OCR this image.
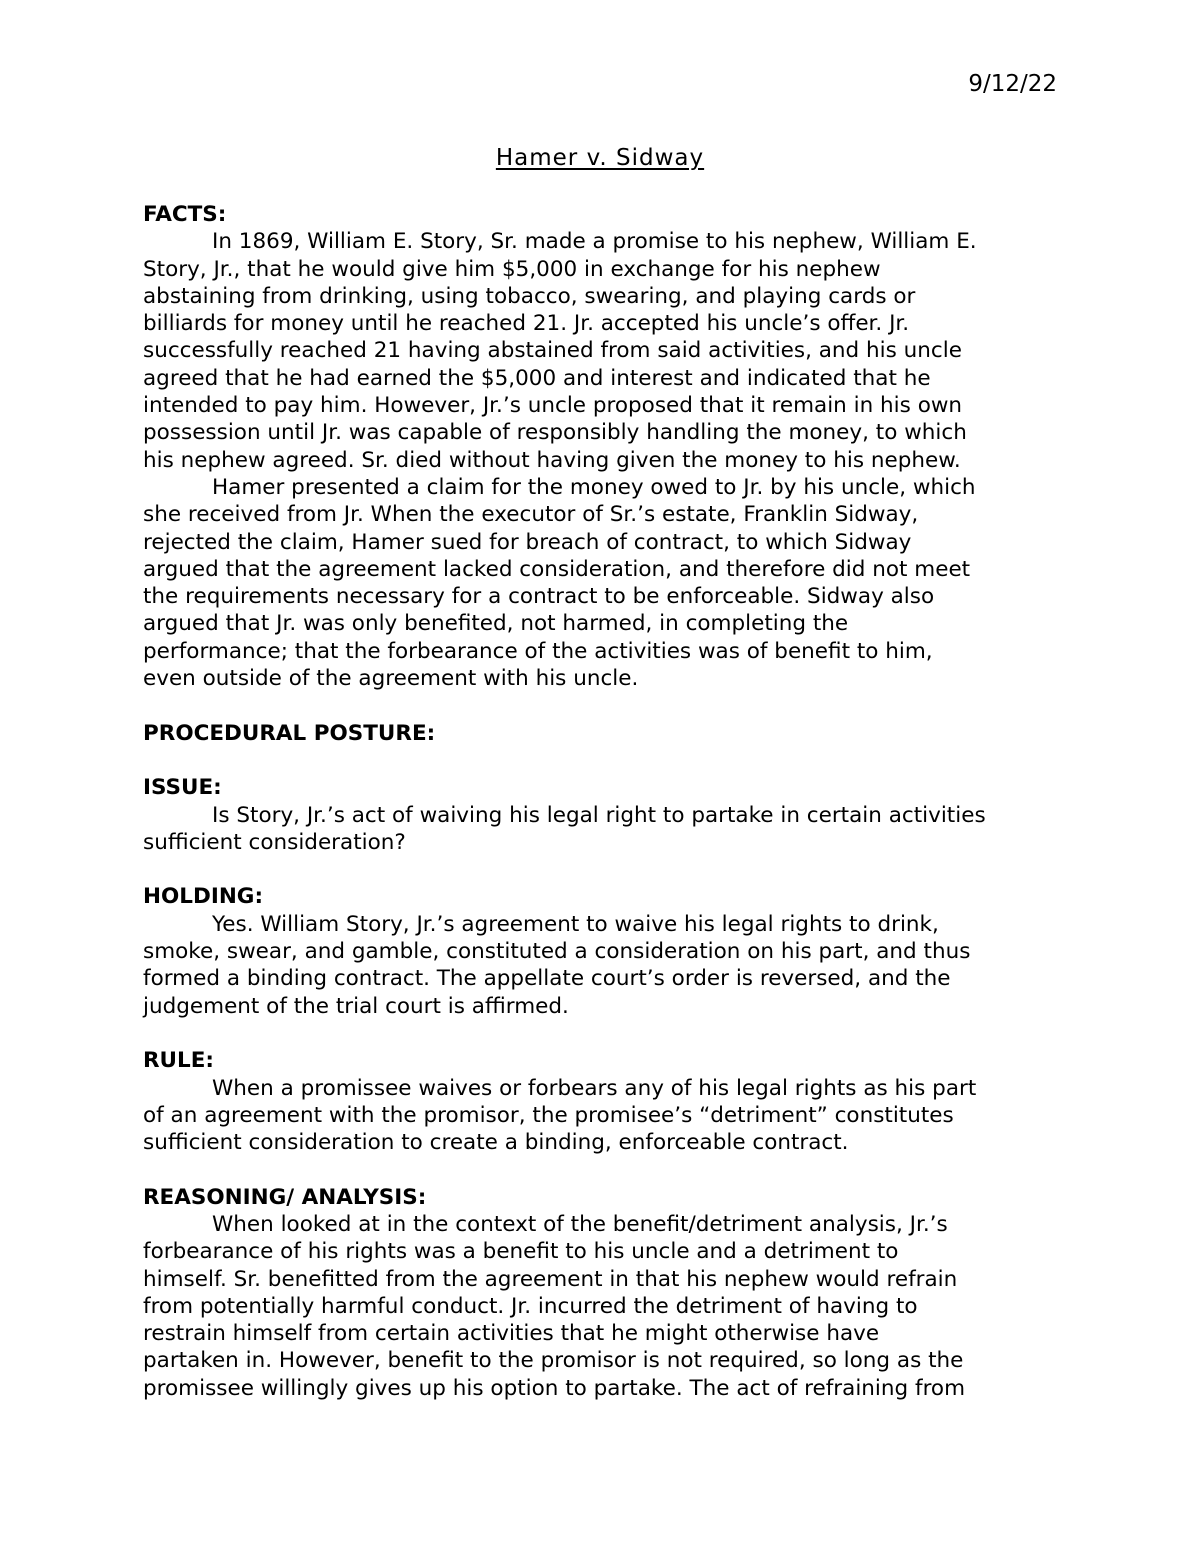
9/12/22
Hamer v. Sidway
FACTS:
In 1869, William E. Story, Sr. made a promise to his nephew, William E.
Story, Jr., that he would give him $5,000 in exchange for his nephew
abstaining from drinking, using tobacco, swearing, and playing cards or
billiards for money until he reached 21. Jr. accepted his uncle’s offer. Jr.
successfully reached 21 having abstained from said activities, and his uncle
agreed that he had earned the $5,000 and interest and indicated that he
intended to pay him. However, Jr.’s uncle proposed that it remain in his own
possession until Jr. was capable of responsibly handling the money, to which
his nephew agreed. Sr. died without having given the money to his nephew.
Hamer presented a claim for the money owed to Jr. by his uncle, which
she received from Jr. When the executor of Sr.’s estate, Franklin Sidway,
rejected the claim, Hamer sued for breach of contract, to which Sidway
argued that the agreement lacked consideration, and therefore did not meet
the requirements necessary for a contract to be enforceable. Sidway also
argued that Jr. was only benefited, not harmed, in completing the
performance; that the forbearance of the activities was of benefit to him,
even outside of the agreement with his uncle.
PROCEDURAL POSTURE:
ISSUE:
Is Story, Jr.’s act of waiving his legal right to partake in certain activities
sufficient consideration?
HOLDING:
Yes. William Story, Jr.’s agreement to waive his legal rights to drink,
smoke, swear, and gamble, constituted a consideration on his part, and thus
formed a binding contract. The appellate court’s order is reversed, and the
judgement of the trial court is affirmed.
RULE:
When a promissee waives or forbears any of his legal rights as his part
of an agreement with the promisor, the promisee’s “detriment” constitutes
sufficient consideration to create a binding, enforceable contract.
REASONING/ ANALYSIS:
When looked at in the context of the benefit/detriment analysis, Jr.’s
forbearance of his rights was a benefit to his uncle and a detriment to
himself. Sr. benefitted from the agreement in that his nephew would refrain
from potentially harmful conduct. Jr. incurred the detriment of having to
restrain himself from certain activities that he might otherwise have
partaken in. However, benefit to the promisor is not required, so long as the
promissee willingly gives up his option to partake. The act of refraining from
